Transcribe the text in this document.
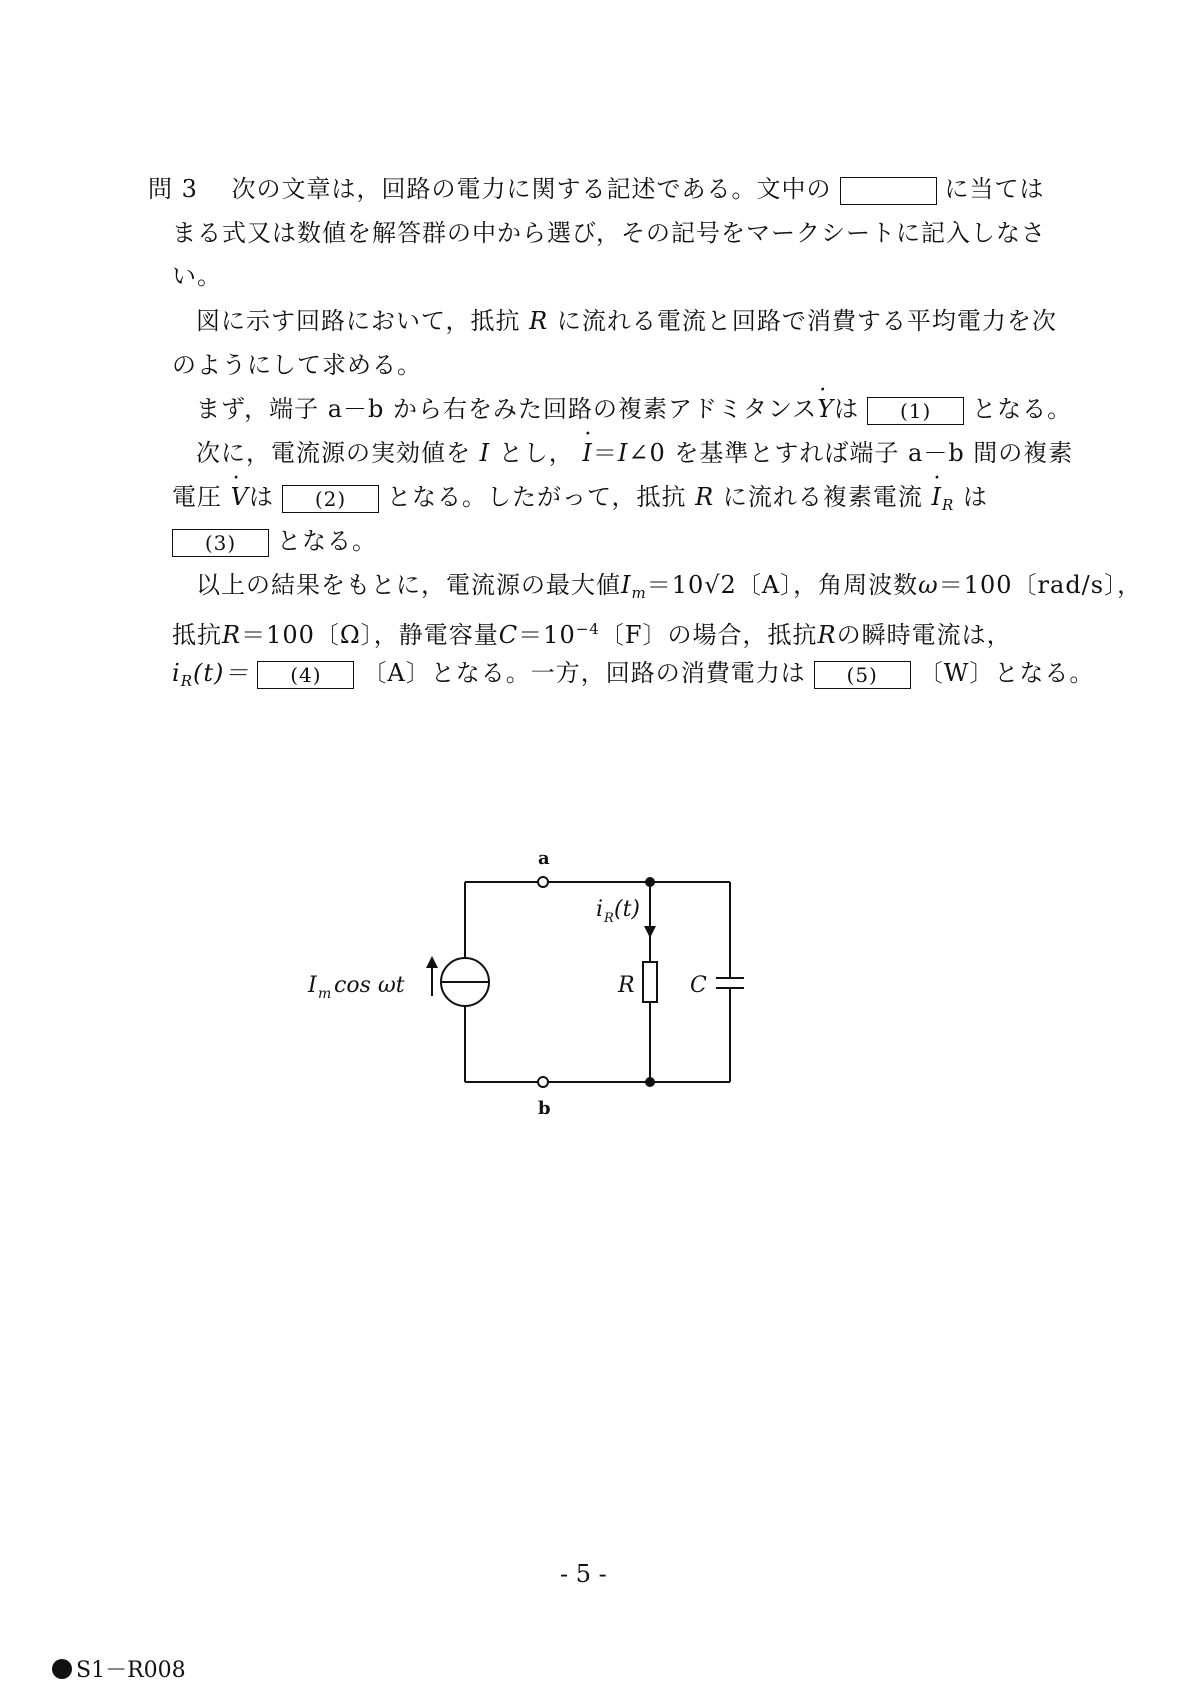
問 3　 次の文章は，回路の電力に関する記述である。文中の	に当ては
まる式又は数値を解答群の中から選び，その記号をマークシートに記入しなさ
い。
図に示す回路において，抵抗 R に流れる電流と回路で消費する平均電力を次
のようにして求める。
まず，端子 a－b から右をみた回路の複素アドミタンス· Yは (1) となる。
次に，電流源の実効値を I とし， · I＝I∠0 を基準とすれば端子 a－b 間の複素
電圧 · Vは (2) となる。したがって，抵抗 R に流れる複素電流 · $I_R$ は
(3) となる。
以上の結果をもとに，電流源の最大値$I_m=10√2$〔A〕，角周波数ω＝100〔rad/s〕，
抵抗R＝100〔Ω〕，静電容量$C=10^{-4}$〔F〕の場合，抵抗Rの瞬時電流は，
$i_R(t)= (4)$ 〔A〕となる。一方，回路の消費電力は (5) 〔W〕となる。
a
b
I m cos ωt
i R (t)
R	C
- 5 -
S1－R008
